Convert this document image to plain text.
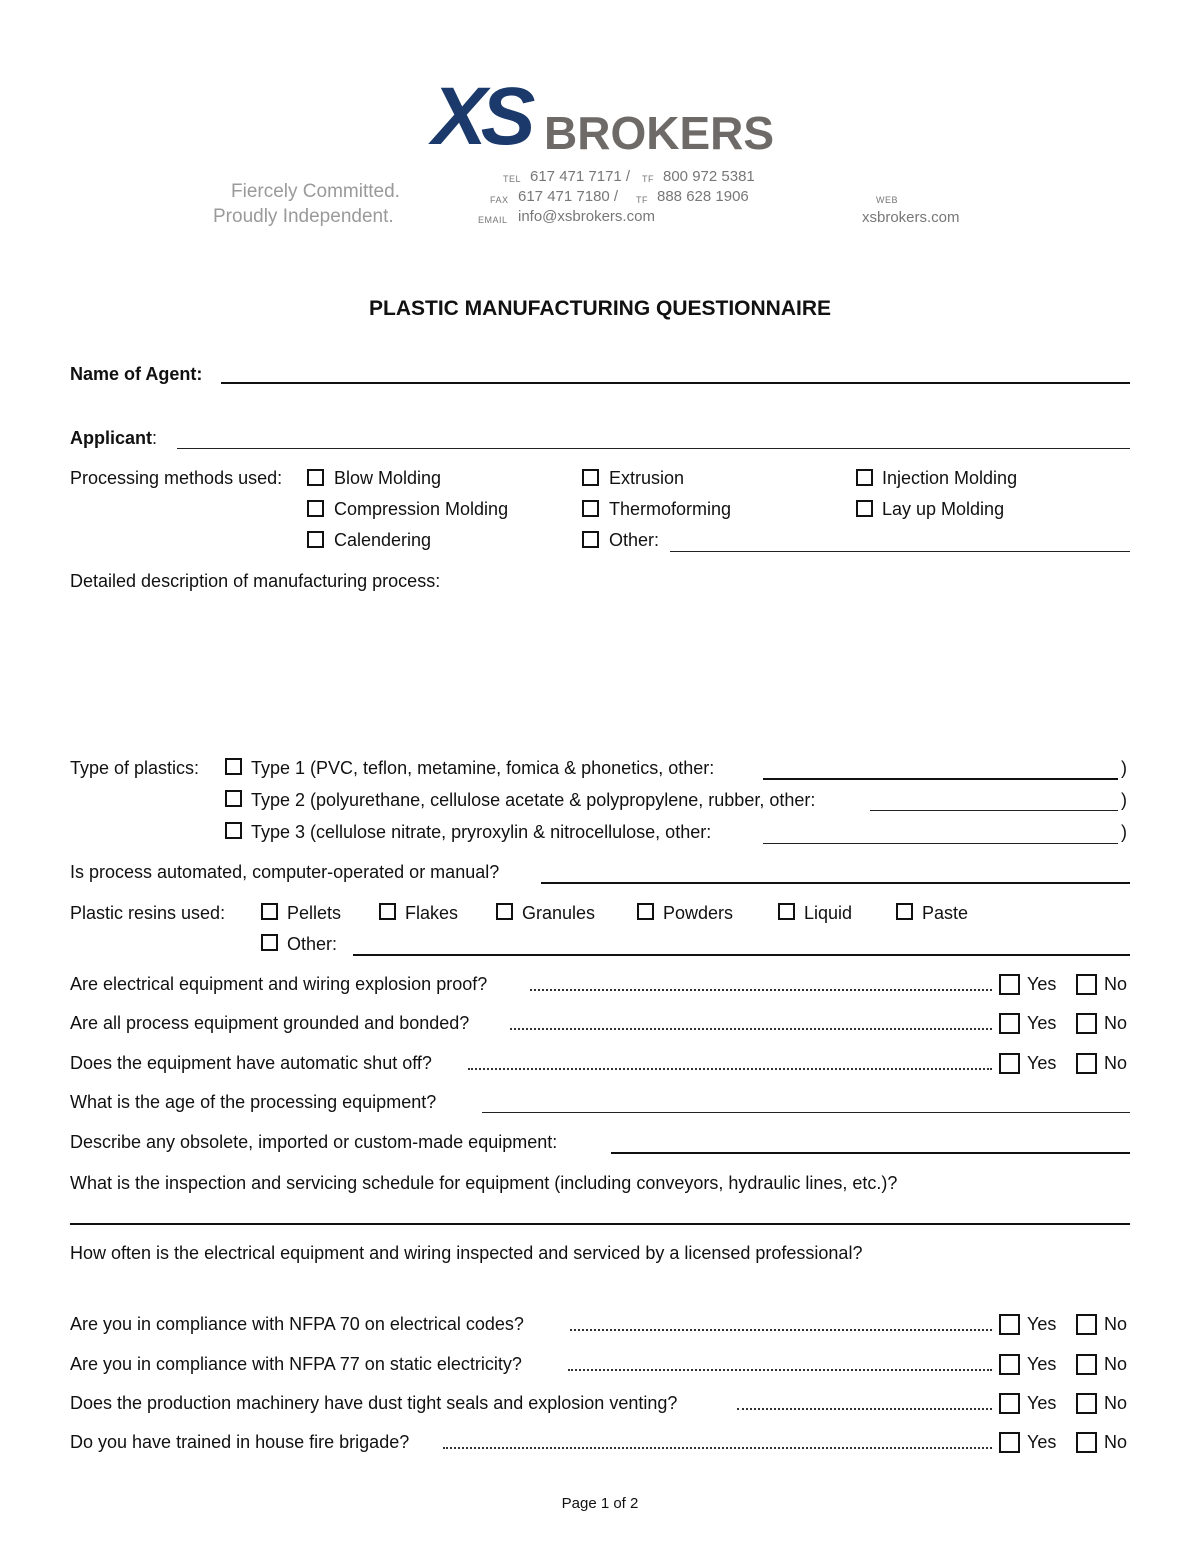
XS BROKERS
Fiercely Committed.
Proudly Independent.
TEL 617 471 7171 / TF 800 972 5381
FAX 617 471 7180 / TF 888 628 1906
EMAIL info@xsbrokers.com
WEB
xsbrokers.com
PLASTIC MANUFACTURING QUESTIONNAIRE
Name of Agent:
Applicant:
Processing methods used:	Blow Molding	Extrusion	Injection Molding
Compression Molding	Thermoforming	Lay up Molding
Calendering	Other:
Detailed description of manufacturing process:
Type of plastics:	Type 1 (PVC, teflon, metamine, fomica & phonetics, other:	)
Type 2 (polyurethane, cellulose acetate & polypropylene, rubber, other:	)
Type 3 (cellulose nitrate, pryroxylin & nitrocellulose, other:	)
Is process automated, computer-operated or manual?
Plastic resins used:	Pellets	Flakes	Granules	Powders	Liquid	Paste
Other:
Are electrical equipment and wiring explosion proof?	Yes	No
Are all process equipment grounded and bonded?	Yes	No
Does the equipment have automatic shut off?	Yes	No
What is the age of the processing equipment?
Describe any obsolete, imported or custom-made equipment:
What is the inspection and servicing schedule for equipment (including conveyors, hydraulic lines, etc.)?
How often is the electrical equipment and wiring inspected and serviced by a licensed professional?
Are you in compliance with NFPA 70 on electrical codes?	Yes	No
Are you in compliance with NFPA 77 on static electricity?	Yes	No
Does the production machinery have dust tight seals and explosion venting?	Yes	No
Do you have trained in house fire brigade?	Yes	No
Page 1 of 2
